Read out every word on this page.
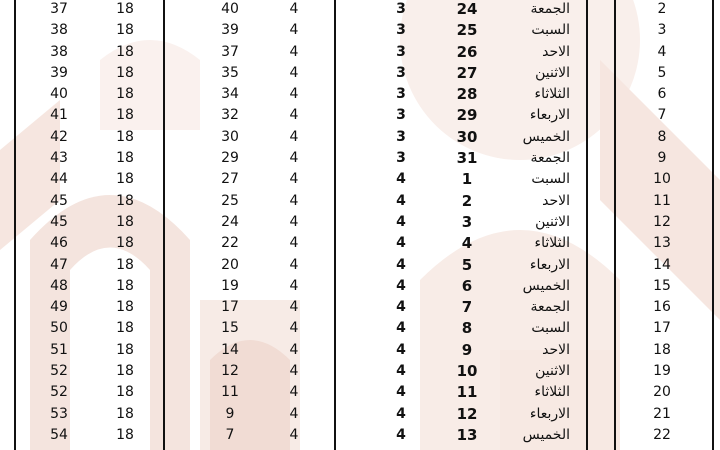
37	18	40	4	3	24	الجمعة	2
38	18	39	4	3	25	السبت	3
38	18	37	4	3	26	الاحد	4
39	18	35	4	3	27	الاثنين	5
40	18	34	4	3	28	الثلاثاء	6
41	18	32	4	3	29	الاربعاء	7
42	18	30	4	3	30	الخميس	8
43	18	29	4	3	31	الجمعة	9
44	18	27	4	4	1	السبت	10
45	18	25	4	4	2	الاحد	11
45	18	24	4	4	3	الاثنين	12
46	18	22	4	4	4	الثلاثاء	13
47	18	20	4	4	5	الاربعاء	14
48	18	19	4	4	6	الخميس	15
49	18	17	4	4	7	الجمعة	16
50	18	15	4	4	8	السبت	17
51	18	14	4	4	9	الاحد	18
52	18	12	4	4	10	الاثنين	19
52	18	11	4	4	11	الثلاثاء	20
53	18	9	4	4	12	الاربعاء	21
54	18	7	4	4	13	الخميس	22
